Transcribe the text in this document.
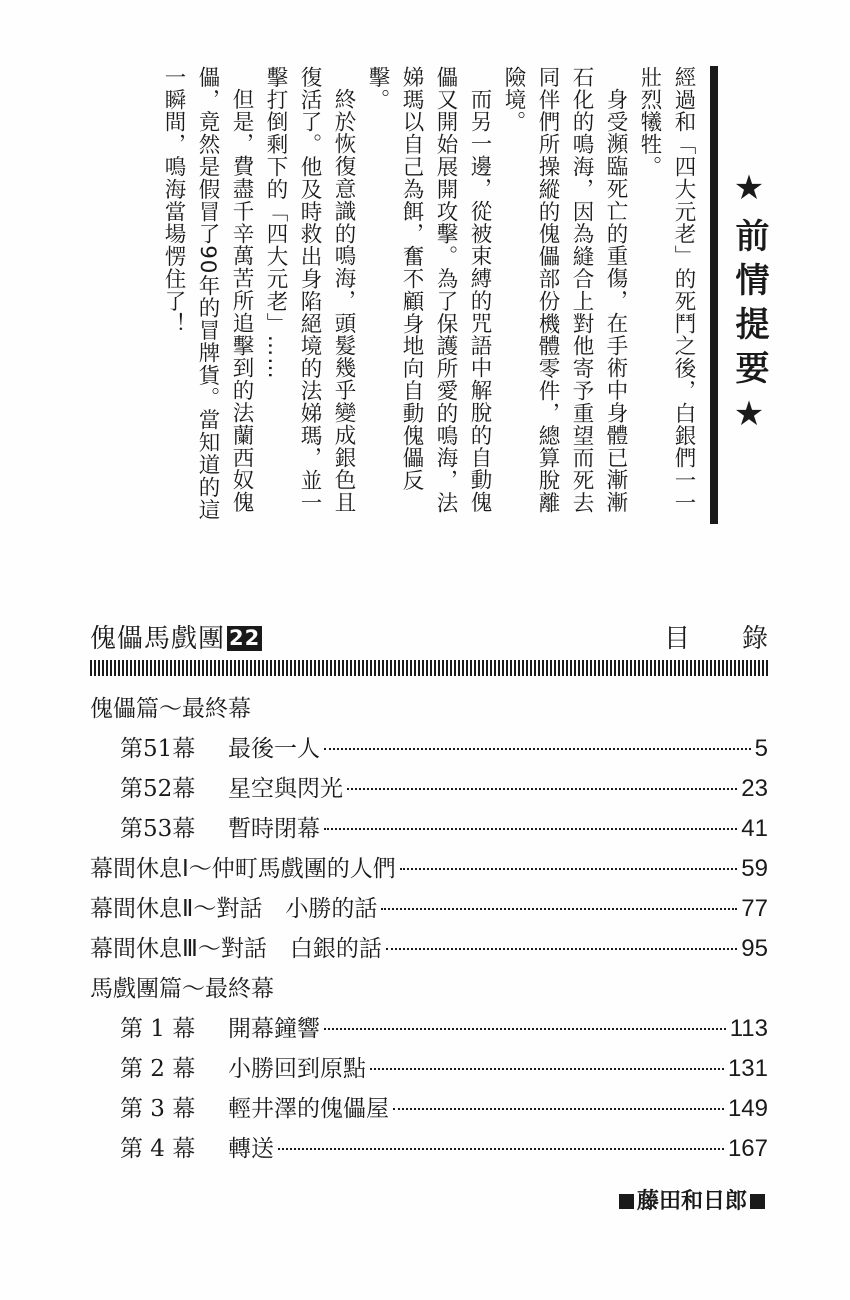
★前情提要★

經過和「四大元老」的死鬥之後，白銀們一一壯烈犧牲。

身受瀕臨死亡的重傷，在手術中身體已漸漸石化的鳴海，因為縫合上對他寄予重望而死去同伴們所操縱的傀儡部份機體零件，總算脫離險境。

而另一邊，從被束縛的咒語中解脫的自動傀儡又開始展開攻擊。為了保護所愛的鳴海，法娣瑪以自己為餌，奮不顧身地向自動傀儡反擊。

終於恢復意識的鳴海，頭髮幾乎變成銀色且復活了。他及時救出身陷絕境的法娣瑪，並一擊打倒剩下的「四大元老」……

但是，費盡千辛萬苦所追擊到的法蘭西奴傀儡，竟然是假冒了90年的冒牌貨。當知道的這一瞬間，鳴海當場愣住了！

傀儡馬戲團 22	目錄
傀儡篇～最終幕
第51幕	最後一人	5
第52幕	星空與閃光	23
第53幕	暫時閉幕	41
幕間休息Ⅰ～仲町馬戲團的人們	59
幕間休息Ⅱ～對話　小勝的話	77
幕間休息Ⅲ～對話　白銀的話	95
馬戲團篇～最終幕
第 1 幕	開幕鐘響	113
第 2 幕	小勝回到原點	131
第 3 幕	輕井澤的傀儡屋	149
第 4 幕	轉送	167
藤田和日郎
